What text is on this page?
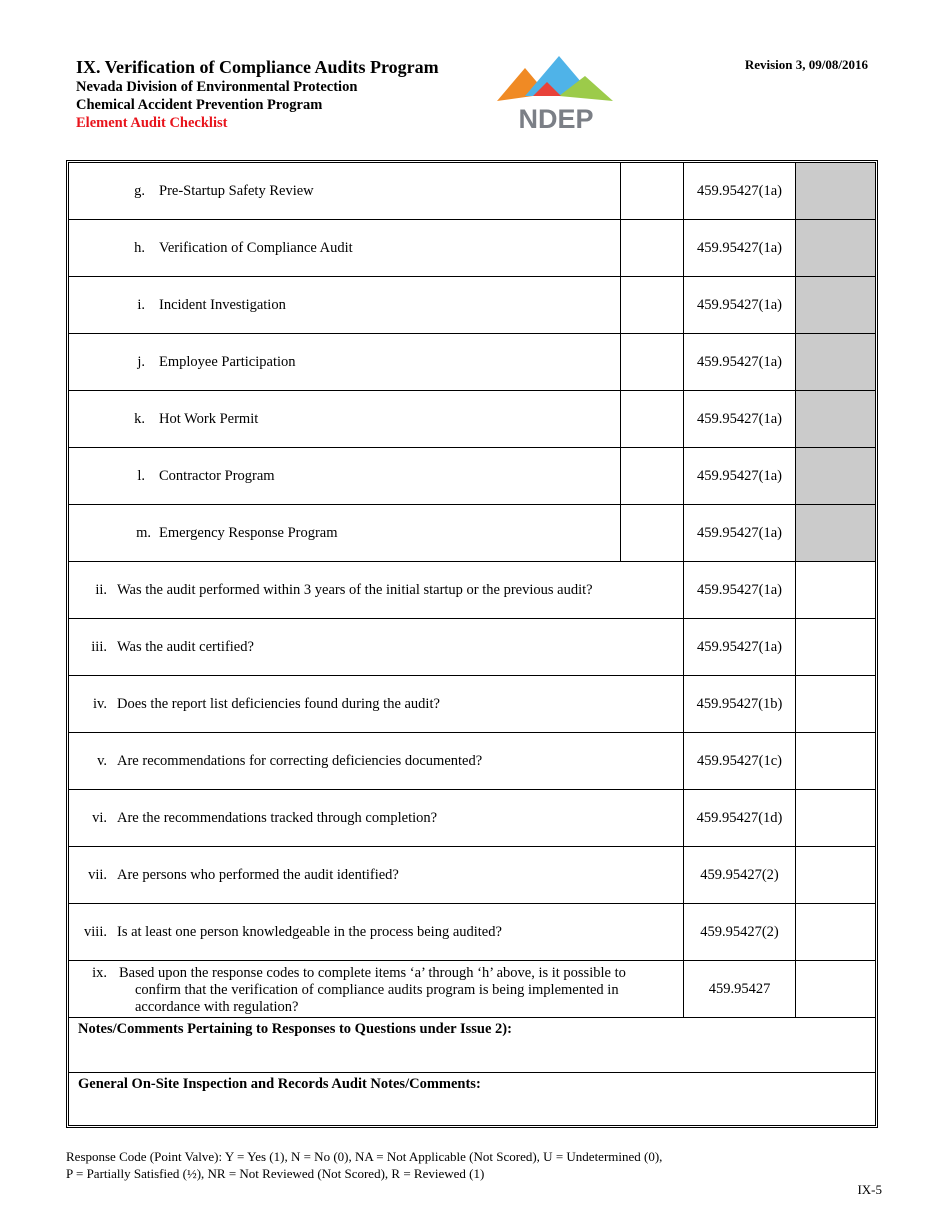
IX. Verification of Compliance Audits Program
Nevada Division of Environmental Protection
Chemical Accident Prevention Program
Element Audit Checklist	NDEP
Revision 3, 09/08/2016
g. Pre-Startup Safety Review	459.95427(1a)
h. Verification of Compliance Audit	459.95427(1a)
i. Incident Investigation	459.95427(1a)
j. Employee Participation	459.95427(1a)
k. Hot Work Permit	459.95427(1a)
l. Contractor Program	459.95427(1a)
m. Emergency Response Program	459.95427(1a)
ii. Was the audit performed within 3 years of the initial startup or the previous audit?	459.95427(1a)
iii. Was the audit certified?	459.95427(1a)
iv. Does the report list deficiencies found during the audit?	459.95427(1b)
v. Are recommendations for correcting deficiencies documented?	459.95427(1c)
vi. Are the recommendations tracked through completion?	459.95427(1d)
vii. Are persons who performed the audit identified?	459.95427(2)
viii. Is at least one person knowledgeable in the process being audited?	459.95427(2)
ix. Based upon the response codes to complete items ‘a’ through ‘h’ above, is it possible to
confirm that the verification of compliance audits program is being implemented in
accordance with regulation?
459.95427
Notes/Comments Pertaining to Responses to Questions under Issue 2):
General On-Site Inspection and Records Audit Notes/Comments:
Response Code (Point Valve): Y = Yes (1), N = No (0), NA = Not Applicable (Not Scored), U = Undetermined (0),
P = Partially Satisfied (½), NR = Not Reviewed (Not Scored), R = Reviewed (1)
IX-5
